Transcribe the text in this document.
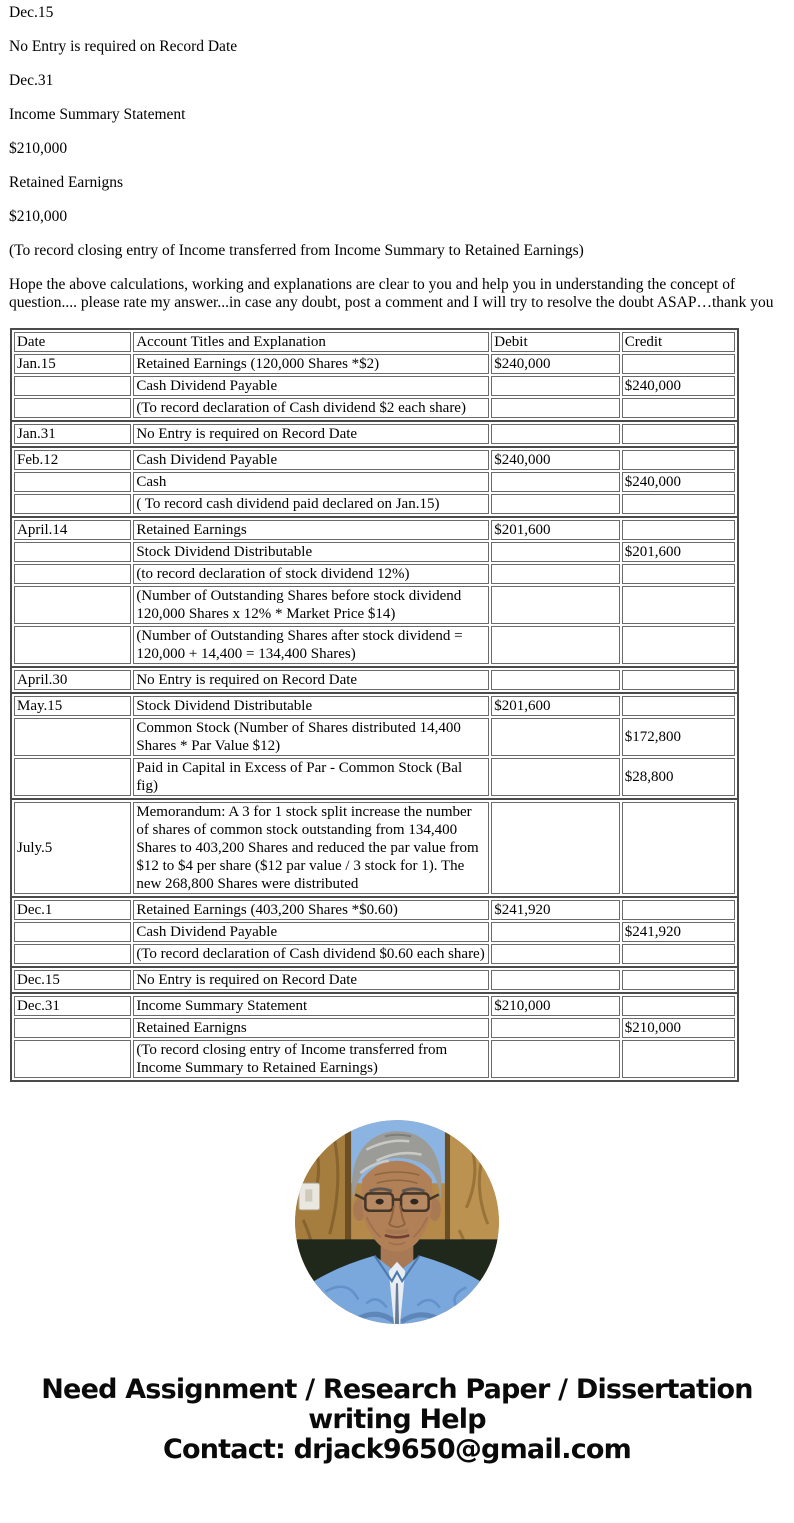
Dec.15

No Entry is required on Record Date

Dec.31

Income Summary Statement

$210,000

Retained Earnigns

$210,000

(To record closing entry of Income transferred from Income Summary to Retained Earnings)

Hope the above calculations, working and explanations are clear to you and help you in understanding the concept of question.... please rate my answer...in case any doubt, post a comment and I will try to resolve the doubt ASAP…thank you

Date	Account Titles and Explanation	Debit	Credit
Jan.15	Retained Earnings (120,000 Shares *$2)	$240,000	
	Cash Dividend Payable		$240,000
	(To record declaration of Cash dividend $2 each share)		
Jan.31	No Entry is required on Record Date		
Feb.12	Cash Dividend Payable	$240,000	
	Cash		$240,000
	( To record cash dividend paid declared on Jan.15)		
April.14	Retained Earnings	$201,600	
	Stock Dividend Distributable		$201,600
	(to record declaration of stock dividend 12%)		
	(Number of Outstanding Shares before stock dividend 120,000 Shares x 12% * Market Price $14)		
	(Number of Outstanding Shares after stock dividend = 120,000 + 14,400 = 134,400 Shares)		
April.30	No Entry is required on Record Date		
May.15	Stock Dividend Distributable	$201,600	
	Common Stock (Number of Shares distributed 14,400 Shares * Par Value $12)		$172,800
	Paid in Capital in Excess of Par - Common Stock (Bal fig)		$28,800
July.5	Memorandum: A 3 for 1 stock split increase the number of shares of common stock outstanding from 134,400 Shares to 403,200 Shares and reduced the par value from $12 to $4 per share ($12 par value / 3 stock for 1). The new 268,800 Shares were distributed		
Dec.1	Retained Earnings (403,200 Shares *$0.60)	$241,920	
	Cash Dividend Payable		$241,920
	(To record declaration of Cash dividend $0.60 each share)		
Dec.15	No Entry is required on Record Date		
Dec.31	Income Summary Statement	$210,000	
	Retained Earnigns		$210,000
	(To record closing entry of Income transferred from Income Summary to Retained Earnings)		
Need Assignment / Research Paper / Dissertation
writing Help
Contact: drjack9650@gmail.com
